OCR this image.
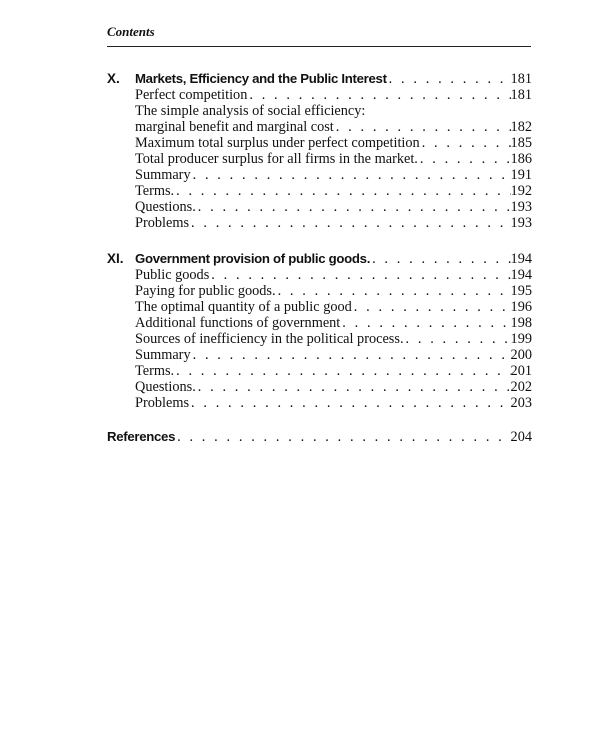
Contents
X. Markets, Efficiency and the Public Interest . . .	181
Perfect competition . . .	181
The simple analysis of social efficiency:
marginal benefit and marginal cost . . .	182
Maximum total surplus under perfect competition . . .	185
Total producer surplus for all firms in the market. . . .	186
Summary . . .	191
Terms. . . .	192
Questions. . . .	193
Problems . . .	193
XI. Government provision of public goods. . . .	194
Public goods . . .	194
Paying for public goods. . . .	195
The optimal quantity of a public good . . .	196
Additional functions of government . . .	198
Sources of inefficiency in the political process. . . .	199
Summary . . .	200
Terms. . . .	201
Questions. . . .	202
Problems . . .	203
References . . .	204
